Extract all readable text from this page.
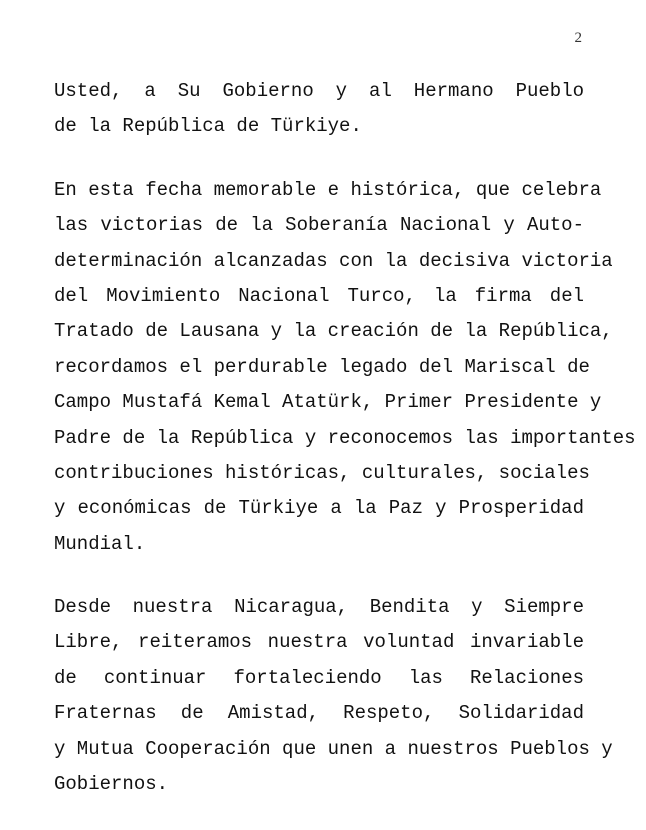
2
Usted, a Su Gobierno y al Hermano Pueblo
de la República de Türkiye.
En esta fecha memorable e histórica, que celebra
las victorias de la Soberanía Nacional y Auto-
determinación alcanzadas con la decisiva victoria
del Movimiento Nacional Turco, la firma del
Tratado de Lausana y la creación de la República,
recordamos el perdurable legado del Mariscal de
Campo Mustafá Kemal Atatürk, Primer Presidente y
Padre de la República y reconocemos las importantes
contribuciones históricas, culturales, sociales
y económicas de Türkiye a la Paz y Prosperidad
Mundial.
Desde nuestra Nicaragua, Bendita y Siempre
Libre, reiteramos nuestra voluntad invariable
de continuar fortaleciendo las Relaciones
Fraternas de Amistad, Respeto, Solidaridad
y Mutua Cooperación que unen a nuestros Pueblos y
Gobiernos.
